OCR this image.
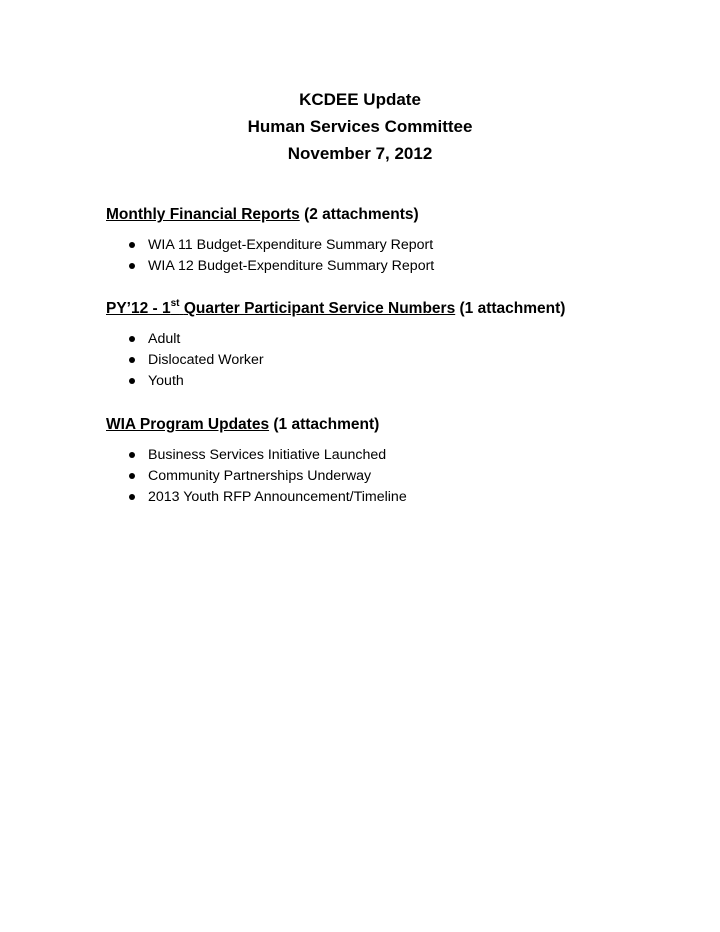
KCDEE Update
Human Services Committee
November 7, 2012
Monthly Financial Reports (2 attachments)
WIA 11 Budget-Expenditure Summary Report
WIA 12 Budget-Expenditure Summary Report
PY’12 - 1st Quarter Participant Service Numbers (1 attachment)
Adult
Dislocated Worker
Youth
WIA Program Updates (1 attachment)
Business Services Initiative Launched
Community Partnerships Underway
2013 Youth RFP Announcement/Timeline
